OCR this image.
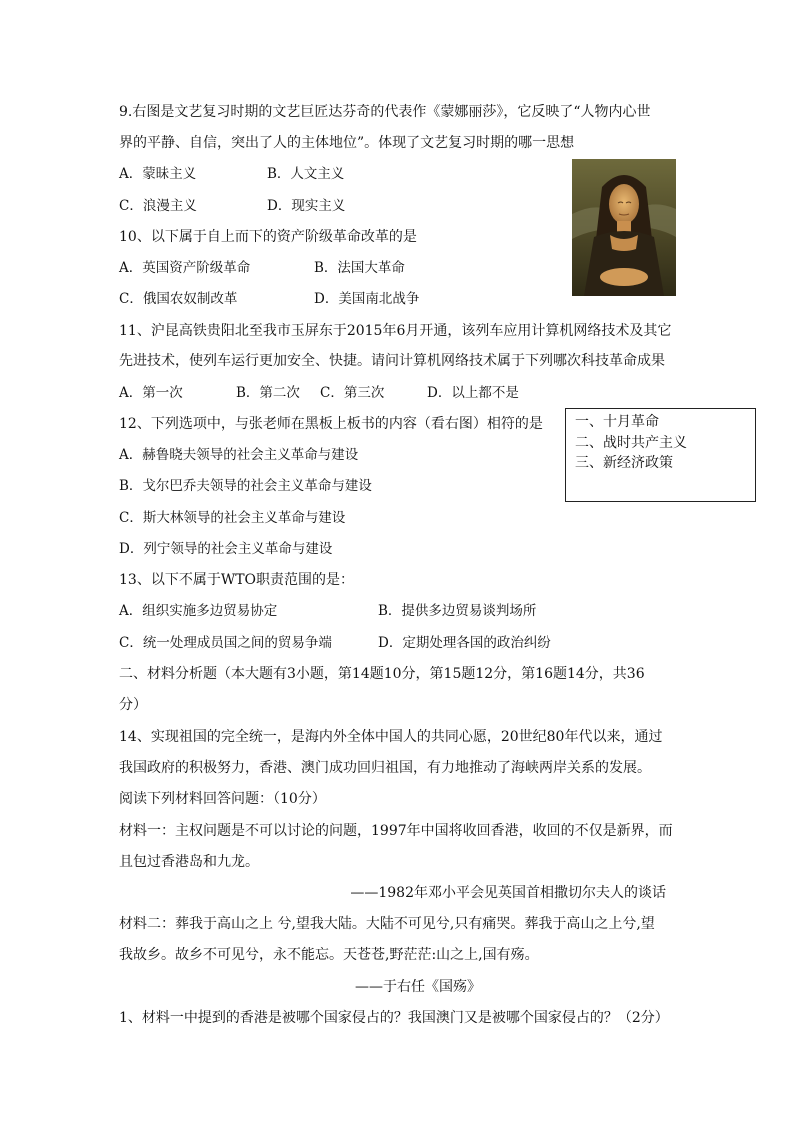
9.右图是文艺复习时期的文艺巨匠达芬奇的代表作《蒙娜丽莎》，它反映了“人物内心世
界的平静、自信，突出了人的主体地位”。体现了文艺复习时期的哪一思想
A．蒙昧主义	B．人文主义
C．浪漫主义	D．现实主义
10、以下属于自上而下的资产阶级革命改革的是
A．英国资产阶级革命	B．法国大革命
C．俄国农奴制改革	D．美国南北战争
11、沪昆高铁贵阳北至我市玉屏东于2015年6月开通，该列车应用计算机网络技术及其它
先进技术，使列车运行更加安全、快捷。请问计算机网络技术属于下列哪次科技革命成果
A．第一次	B．第二次 C．第三次	D．以上都不是
12、下列选项中，与张老师在黑板上板书的内容（看右图）相符的是
A．赫鲁晓夫领导的社会主义革命与建设
B．戈尔巴乔夫领导的社会主义革命与建设
C．斯大林领导的社会主义革命与建设
D．列宁领导的社会主义革命与建设
一、十月革命
二、战时共产主义
三、新经济政策
13、以下不属于WTO职责范围的是：
A．组织实施多边贸易协定	B．提供多边贸易谈判场所
C．统一处理成员国之间的贸易争端	D．定期处理各国的政治纠纷
二、材料分析题（本大题有3小题，第14题10分，第15题12分，第16题14分，共36
分）
14、实现祖国的完全统一，是海内外全体中国人的共同心愿，20世纪80年代以来，通过
我国政府的积极努力，香港、澳门成功回归祖国，有力地推动了海峡两岸关系的发展。
阅读下列材料回答问题：（10分）
材料一：主权问题是不可以讨论的问题，1997年中国将收回香港，收回的不仅是新界，而
且包过香港岛和九龙。
——1982年邓小平会见英国首相撒切尔夫人的谈话
材料二：葬我于高山之上 兮,望我大陆。大陆不可见兮,只有痛哭。葬我于高山之上兮,望
我故乡。故乡不可见兮，永不能忘。天苍苍,野茫茫:山之上,国有殇。
——于右任《国殇》
1、材料一中提到的香港是被哪个国家侵占的？我国澳门又是被哪个国家侵占的？（2分）
